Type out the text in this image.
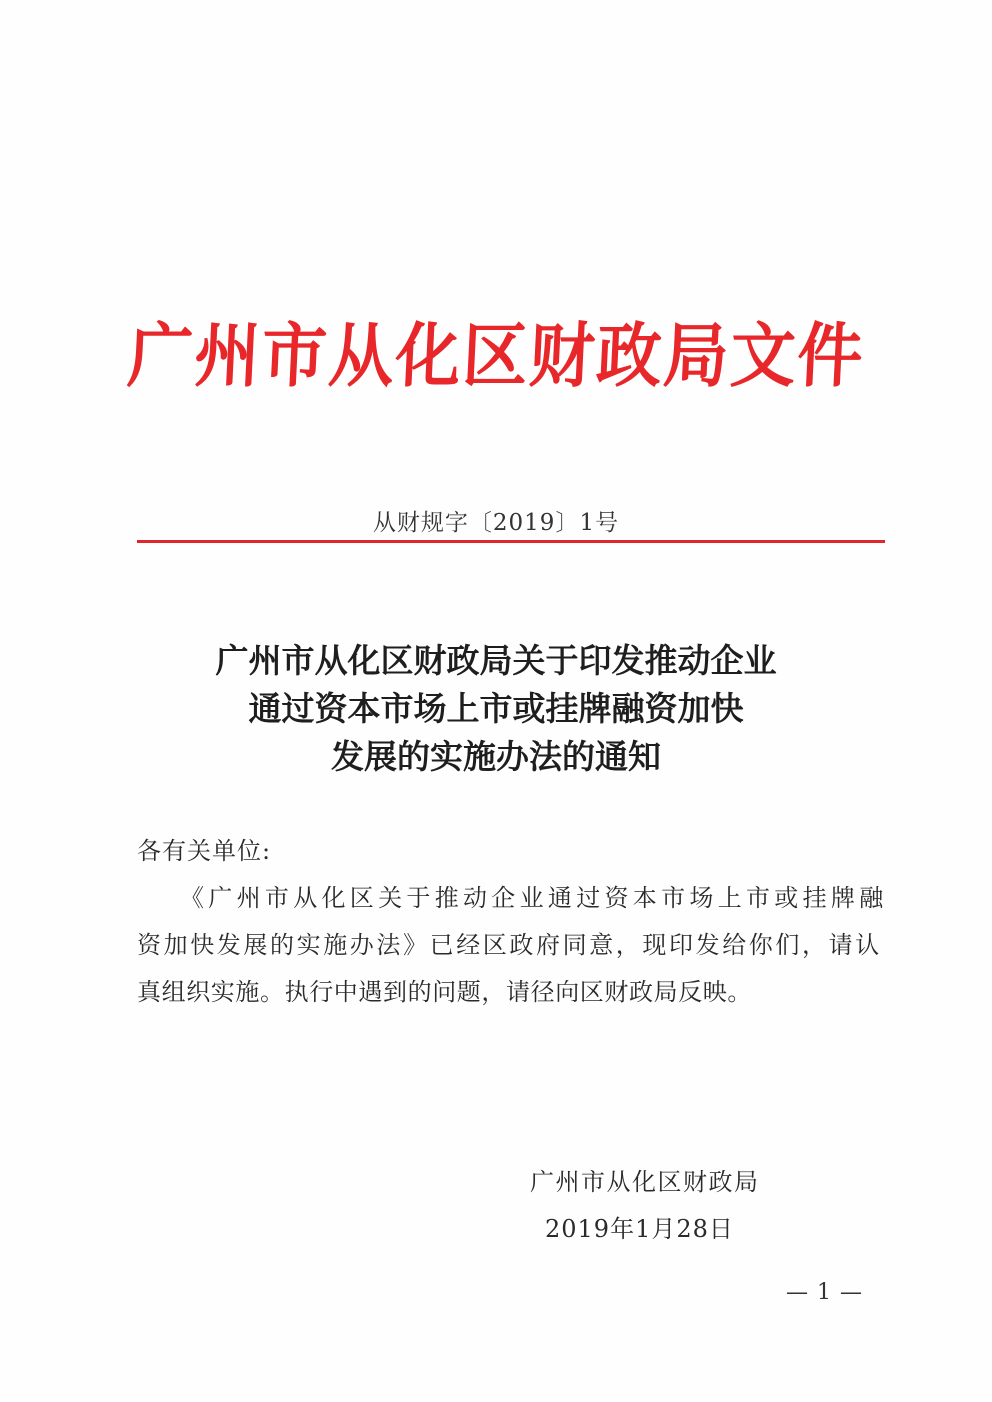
广州市从化区财政局文件
从财规字〔2019〕1号
广州市从化区财政局关于印发推动企业
通过资本市场上市或挂牌融资加快
发展的实施办法的通知
各有关单位:
《广州市从化区关于推动企业通过资本市场上市或挂牌融
资加快发展的实施办法》已经区政府同意，现印发给你们，请认
真组织实施。执行中遇到的问题，请径向区财政局反映。
广州市从化区财政局
2019年1月28日
— 1 —
